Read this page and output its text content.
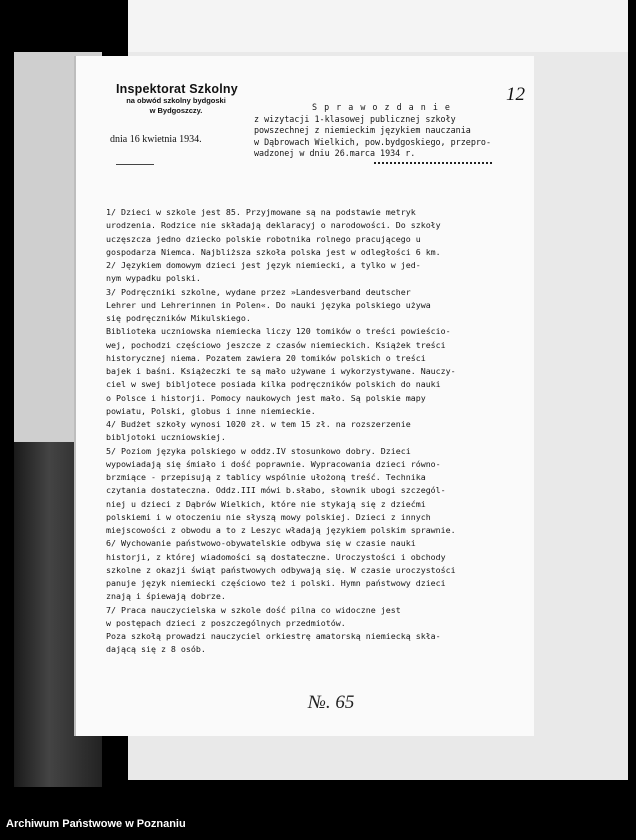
Inspektorat Szkolny
na obwód szkolny bydgoski
w Bydgoszczy.
dnia 16 kwietnia 1934.
12
S p r a w o z d a n i e
z wizytacji 1-klasowej publicznej szkoły
powszechnej z niemieckim językiem nauczania
w Dąbrowach Wielkich, pow.bydgoskiego, przepro-
wadzonej w dniu 26.marca 1934 r.
1/ Dzieci w szkole jest 85. Przyjmowane są na podstawie metryk
urodzenia. Rodzice nie składają deklaracyj o narodowości. Do szkoły
uczęszcza jedno dziecko polskie robotnika rolnego pracującego u
gospodarza Niemca. Najbliższa szkoła polska jest w odległości 6 km.
2/ Językiem domowym dzieci jest język niemiecki, a tylko w jed-
nym wypadku polski.
3/ Podręczniki szkolne, wydane przez »Landesverband deutscher
Lehrer und Lehrerinnen in Polen«. Do nauki języka polskiego używa
się podręczników Mikulskiego.
Biblioteka uczniowska niemiecka liczy 120 tomików o treści powieścio-
wej, pochodzi częściowo jeszcze z czasów niemieckich. Książek treści
historycznej niema. Pozatem zawiera 20 tomików polskich o treści
bajek i baśni. Książeczki te są mało używane i wykorzystywane. Nauczy-
ciel w swej bibljotece posiada kilka podręczników polskich do nauki
o Polsce i historji. Pomocy naukowych jest mało. Są polskie mapy
powiatu, Polski, globus i inne niemieckie.
4/ Budżet szkoły wynosi 1020 zł. w tem 15 zł. na rozszerzenie
bibljotoki uczniowskiej.
5/ Poziom języka polskiego w oddz.IV stosunkowo dobry. Dzieci
wypowiadają się śmiało i dość poprawnie. Wypracowania dzieci równo-
brzmiące - przepisują z tablicy wspólnie ułożoną treść. Technika
czytania dostateczna. Oddz.III mówi b.słabo, słownik ubogi szczegól-
niej u dzieci z Dąbrów Wielkich, które nie stykają się z dziećmi
polskiemi i w otoczeniu nie słyszą mowy polskiej. Dzieci z innych
miejscowości z obwodu a to z Leszyc władają językiem polskim sprawnie.
6/ Wychowanie państwowo-obywatelskie odbywa się w czasie nauki
historji, z której wiadomości są dostateczne. Uroczystości i obchody
szkolne z okazji świąt państwowych odbywają się. W czasie uroczystości
panuje język niemiecki częściowo też i polski. Hymn państwowy dzieci
znają i śpiewają dobrze.
7/ Praca nauczycielska w szkole dość pilna co widoczne jest
w postępach dzieci z poszczególnych przedmiotów.
Poza szkołą prowadzi nauczyciel orkiestrę amatorską niemiecką skła-
dającą się z 8 osób.
№. 65
Archiwum Państwowe w Poznaniu
